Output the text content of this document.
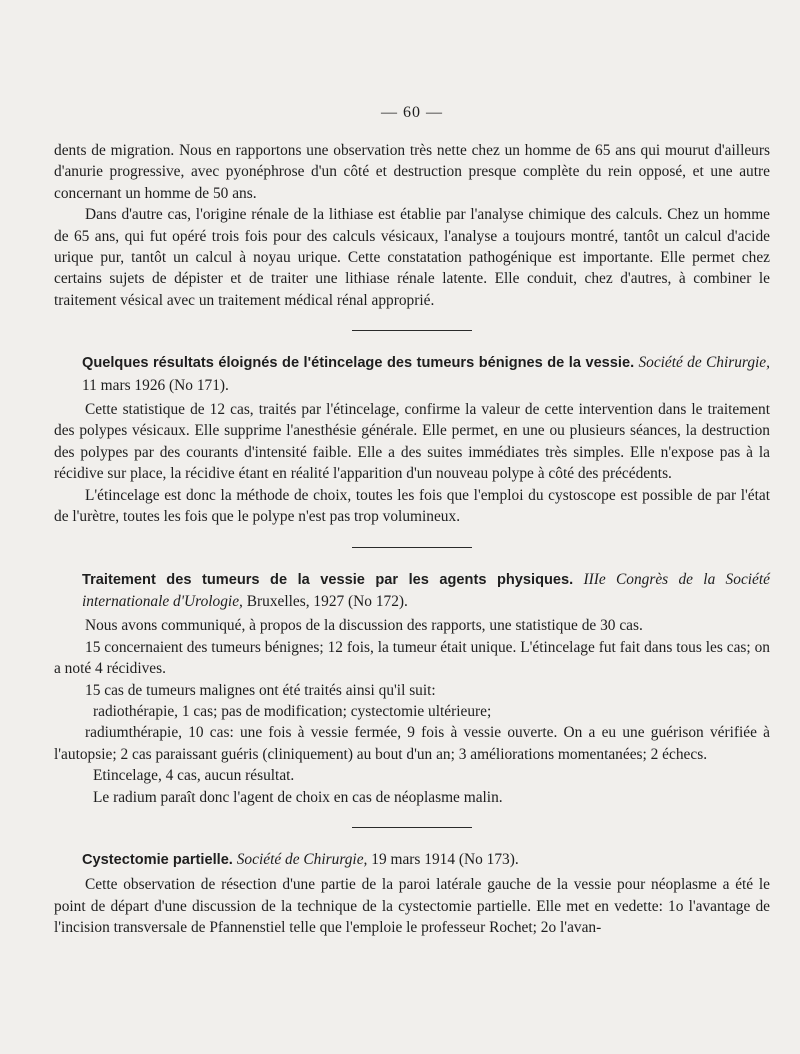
— 60 —

dents de migration. Nous en rapportons une observation très nette chez un homme de 65 ans qui mourut d'ailleurs d'anurie progressive, avec pyonéphrose d'un côté et destruction presque complète du rein opposé, et une autre concernant un homme de 50 ans.

Dans d'autre cas, l'origine rénale de la lithiase est établie par l'analyse chimique des calculs. Chez un homme de 65 ans, qui fut opéré trois fois pour des calculs vésicaux, l'analyse a toujours montré, tantôt un calcul d'acide urique pur, tantôt un calcul à noyau urique. Cette constatation pathogénique est importante. Elle permet chez certains sujets de dépister et de traiter une lithiase rénale latente. Elle conduit, chez d'autres, à combiner le traitement vésical avec un traitement médical rénal approprié.

Quelques résultats éloignés de l'étincelage des tumeurs bénignes de la vessie. Société de Chirurgie, 11 mars 1926 (No 171).

Cette statistique de 12 cas, traités par l'étincelage, confirme la valeur de cette intervention dans le traitement des polypes vésicaux. Elle supprime l'anesthésie générale. Elle permet, en une ou plusieurs séances, la destruction des polypes par des courants d'intensité faible. Elle a des suites immédiates très simples. Elle n'expose pas à la récidive sur place, la récidive étant en réalité l'apparition d'un nouveau polype à côté des précédents.

L'étincelage est donc la méthode de choix, toutes les fois que l'emploi du cystoscope est possible de par l'état de l'urètre, toutes les fois que le polype n'est pas trop volumineux.

Traitement des tumeurs de la vessie par les agents physiques. IIIe Congrès de la Société internationale d'Urologie, Bruxelles, 1927 (No 172).

Nous avons communiqué, à propos de la discussion des rapports, une statistique de 30 cas.

15 concernaient des tumeurs bénignes; 12 fois, la tumeur était unique. L'étincelage fut fait dans tous les cas; on a noté 4 récidives.

15 cas de tumeurs malignes ont été traités ainsi qu'il suit:

radiothérapie, 1 cas; pas de modification; cystectomie ultérieure;

radiumthérapie, 10 cas: une fois à vessie fermée, 9 fois à vessie ouverte. On a eu une guérison vérifiée à l'autopsie; 2 cas paraissant guéris (cliniquement) au bout d'un an; 3 améliorations momentanées; 2 échecs.

Etincelage, 4 cas, aucun résultat.

Le radium paraît donc l'agent de choix en cas de néoplasme malin.

Cystectomie partielle. Société de Chirurgie, 19 mars 1914 (No 173).

Cette observation de résection d'une partie de la paroi latérale gauche de la vessie pour néoplasme a été le point de départ d'une discussion de la technique de la cystectomie partielle. Elle met en vedette: 1o l'avantage de l'incision transversale de Pfannenstiel telle que l'emploie le professeur Rochet; 2o l'avan-
